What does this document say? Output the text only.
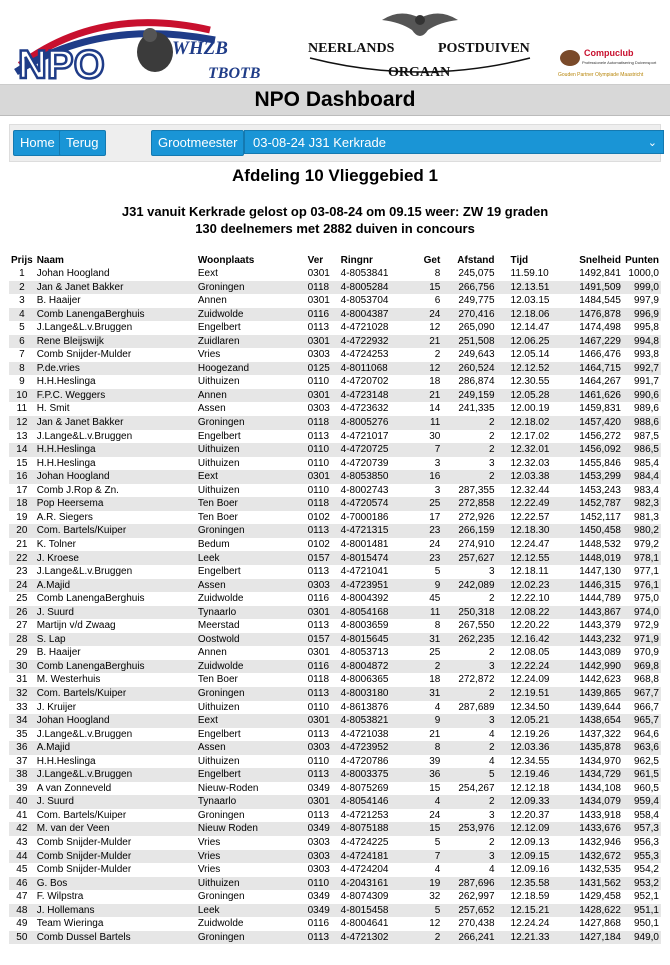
NPO	WHZB
TBOTB
NEERLANDS	POSTDUIVEN
ORGAAN
Compuclub
Professionele Automatisering Duivensport
Gouden Partner Olympiade Maastricht
NPO Dashboard
Home Terug	Grootmeester	03-08-24 J31 Kerkrade	⌄
Afdeling 10 Vlieggebied 1
J31 vanuit Kerkrade gelost op 03-08-24 om 09.15 weer: ZW 19 graden
130 deelnemers met 2882 duiven in concours
Prijs	Naam	Woonplaats	Ver	Ringnr	Get	Afstand	Tijd	Snelheid	Punten
1	Johan Hoogland	Eext	0301	4-8053841	8	245,075	11.59.10	1492,841	1000,0
2	Jan & Janet Bakker	Groningen	0118	4-8005284	15	266,756	12.13.51	1491,509	999,0
3	B. Haaijer	Annen	0301	4-8053704	6	249,775	12.03.15	1484,545	997,9
4	Comb LanengaBerghuis	Zuidwolde	0116	4-8004387	24	270,416	12.18.06	1476,878	996,9
5	J.Lange&L.v.Bruggen	Engelbert	0113	4-4721028	12	265,090	12.14.47	1474,498	995,8
6	Rene Bleijswijk	Zuidlaren	0301	4-4722932	21	251,508	12.06.25	1467,229	994,8
7	Comb Snijder-Mulder	Vries	0303	4-4724253	2	249,643	12.05.14	1466,476	993,8
8	P.de.vries	Hoogezand	0125	4-8011068	12	260,524	12.12.52	1464,715	992,7
9	H.H.Heslinga	Uithuizen	0110	4-4720702	18	286,874	12.30.55	1464,267	991,7
10	F.P.C. Weggers	Annen	0301	4-4723148	21	249,159	12.05.28	1461,626	990,6
11	H. Smit	Assen	0303	4-4723632	14	241,335	12.00.19	1459,831	989,6
12	Jan & Janet Bakker	Groningen	0118	4-8005276	11	2	12.18.02	1457,420	988,6
13	J.Lange&L.v.Bruggen	Engelbert	0113	4-4721017	30	2	12.17.02	1456,272	987,5
14	H.H.Heslinga	Uithuizen	0110	4-4720725	7	2	12.32.01	1456,092	986,5
15	H.H.Heslinga	Uithuizen	0110	4-4720739	3	3	12.32.03	1455,846	985,4
16	Johan Hoogland	Eext	0301	4-8053850	16	2	12.03.38	1453,299	984,4
17	Comb J.Rop & Zn.	Uithuizen	0110	4-8002743	3	287,355	12.32.44	1453,243	983,4
18	Pop Heersema	Ten Boer	0118	4-4720574	25	272,858	12.22.49	1452,787	982,3
19	A.R. Siegers	Ten Boer	0102	4-7000186	17	272,926	12.22.57	1452,117	981,3
20	Com. Bartels/Kuiper	Groningen	0113	4-4721315	23	266,159	12.18.30	1450,458	980,2
21	K. Tolner	Bedum	0102	4-8001481	24	274,910	12.24.47	1448,532	979,2
22	J. Kroese	Leek	0157	4-8015474	23	257,627	12.12.55	1448,019	978,1
23	J.Lange&L.v.Bruggen	Engelbert	0113	4-4721041	5	3	12.18.11	1447,130	977,1
24	A.Majid	Assen	0303	4-4723951	9	242,089	12.02.23	1446,315	976,1
25	Comb LanengaBerghuis	Zuidwolde	0116	4-8004392	45	2	12.22.10	1444,789	975,0
26	J. Suurd	Tynaarlo	0301	4-8054168	11	250,318	12.08.22	1443,867	974,0
27	Martijn v/d Zwaag	Meerstad	0113	4-8003659	8	267,550	12.20.22	1443,379	972,9
28	S. Lap	Oostwold	0157	4-8015645	31	262,235	12.16.42	1443,232	971,9
29	B. Haaijer	Annen	0301	4-8053713	25	2	12.08.05	1443,089	970,9
30	Comb LanengaBerghuis	Zuidwolde	0116	4-8004872	2	3	12.22.24	1442,990	969,8
31	M. Westerhuis	Ten Boer	0118	4-8006365	18	272,872	12.24.09	1442,623	968,8
32	Com. Bartels/Kuiper	Groningen	0113	4-8003180	31	2	12.19.51	1439,865	967,7
33	J. Kruijer	Uithuizen	0110	4-8613876	4	287,689	12.34.50	1439,644	966,7
34	Johan Hoogland	Eext	0301	4-8053821	9	3	12.05.21	1438,654	965,7
35	J.Lange&L.v.Bruggen	Engelbert	0113	4-4721038	21	4	12.19.26	1437,322	964,6
36	A.Majid	Assen	0303	4-4723952	8	2	12.03.36	1435,878	963,6
37	H.H.Heslinga	Uithuizen	0110	4-4720786	39	4	12.34.55	1434,970	962,5
38	J.Lange&L.v.Bruggen	Engelbert	0113	4-8003375	36	5	12.19.46	1434,729	961,5
39	A van Zonneveld	Nieuw-Roden	0349	4-8075269	15	254,267	12.12.18	1434,108	960,5
40	J. Suurd	Tynaarlo	0301	4-8054146	4	2	12.09.33	1434,079	959,4
41	Com. Bartels/Kuiper	Groningen	0113	4-4721253	24	3	12.20.37	1433,918	958,4
42	M. van der Veen	Nieuw Roden	0349	4-8075188	15	253,976	12.12.09	1433,676	957,3
43	Comb Snijder-Mulder	Vries	0303	4-4724225	5	2	12.09.13	1432,946	956,3
44	Comb Snijder-Mulder	Vries	0303	4-4724181	7	3	12.09.15	1432,672	955,3
45	Comb Snijder-Mulder	Vries	0303	4-4724204	4	4	12.09.16	1432,535	954,2
46	G. Bos	Uithuizen	0110	4-2043161	19	287,696	12.35.58	1431,562	953,2
47	F. Wilpstra	Groningen	0349	4-8074309	32	262,997	12.18.59	1429,458	952,1
48	J. Hollemans	Leek	0349	4-8015458	5	257,652	12.15.21	1428,622	951,1
49	Team Wieringa	Zuidwolde	0116	4-8004641	12	270,438	12.24.24	1427,868	950,1
50	Comb Dussel Bartels	Groningen	0113	4-4721302	2	266,241	12.21.33	1427,184	949,0
